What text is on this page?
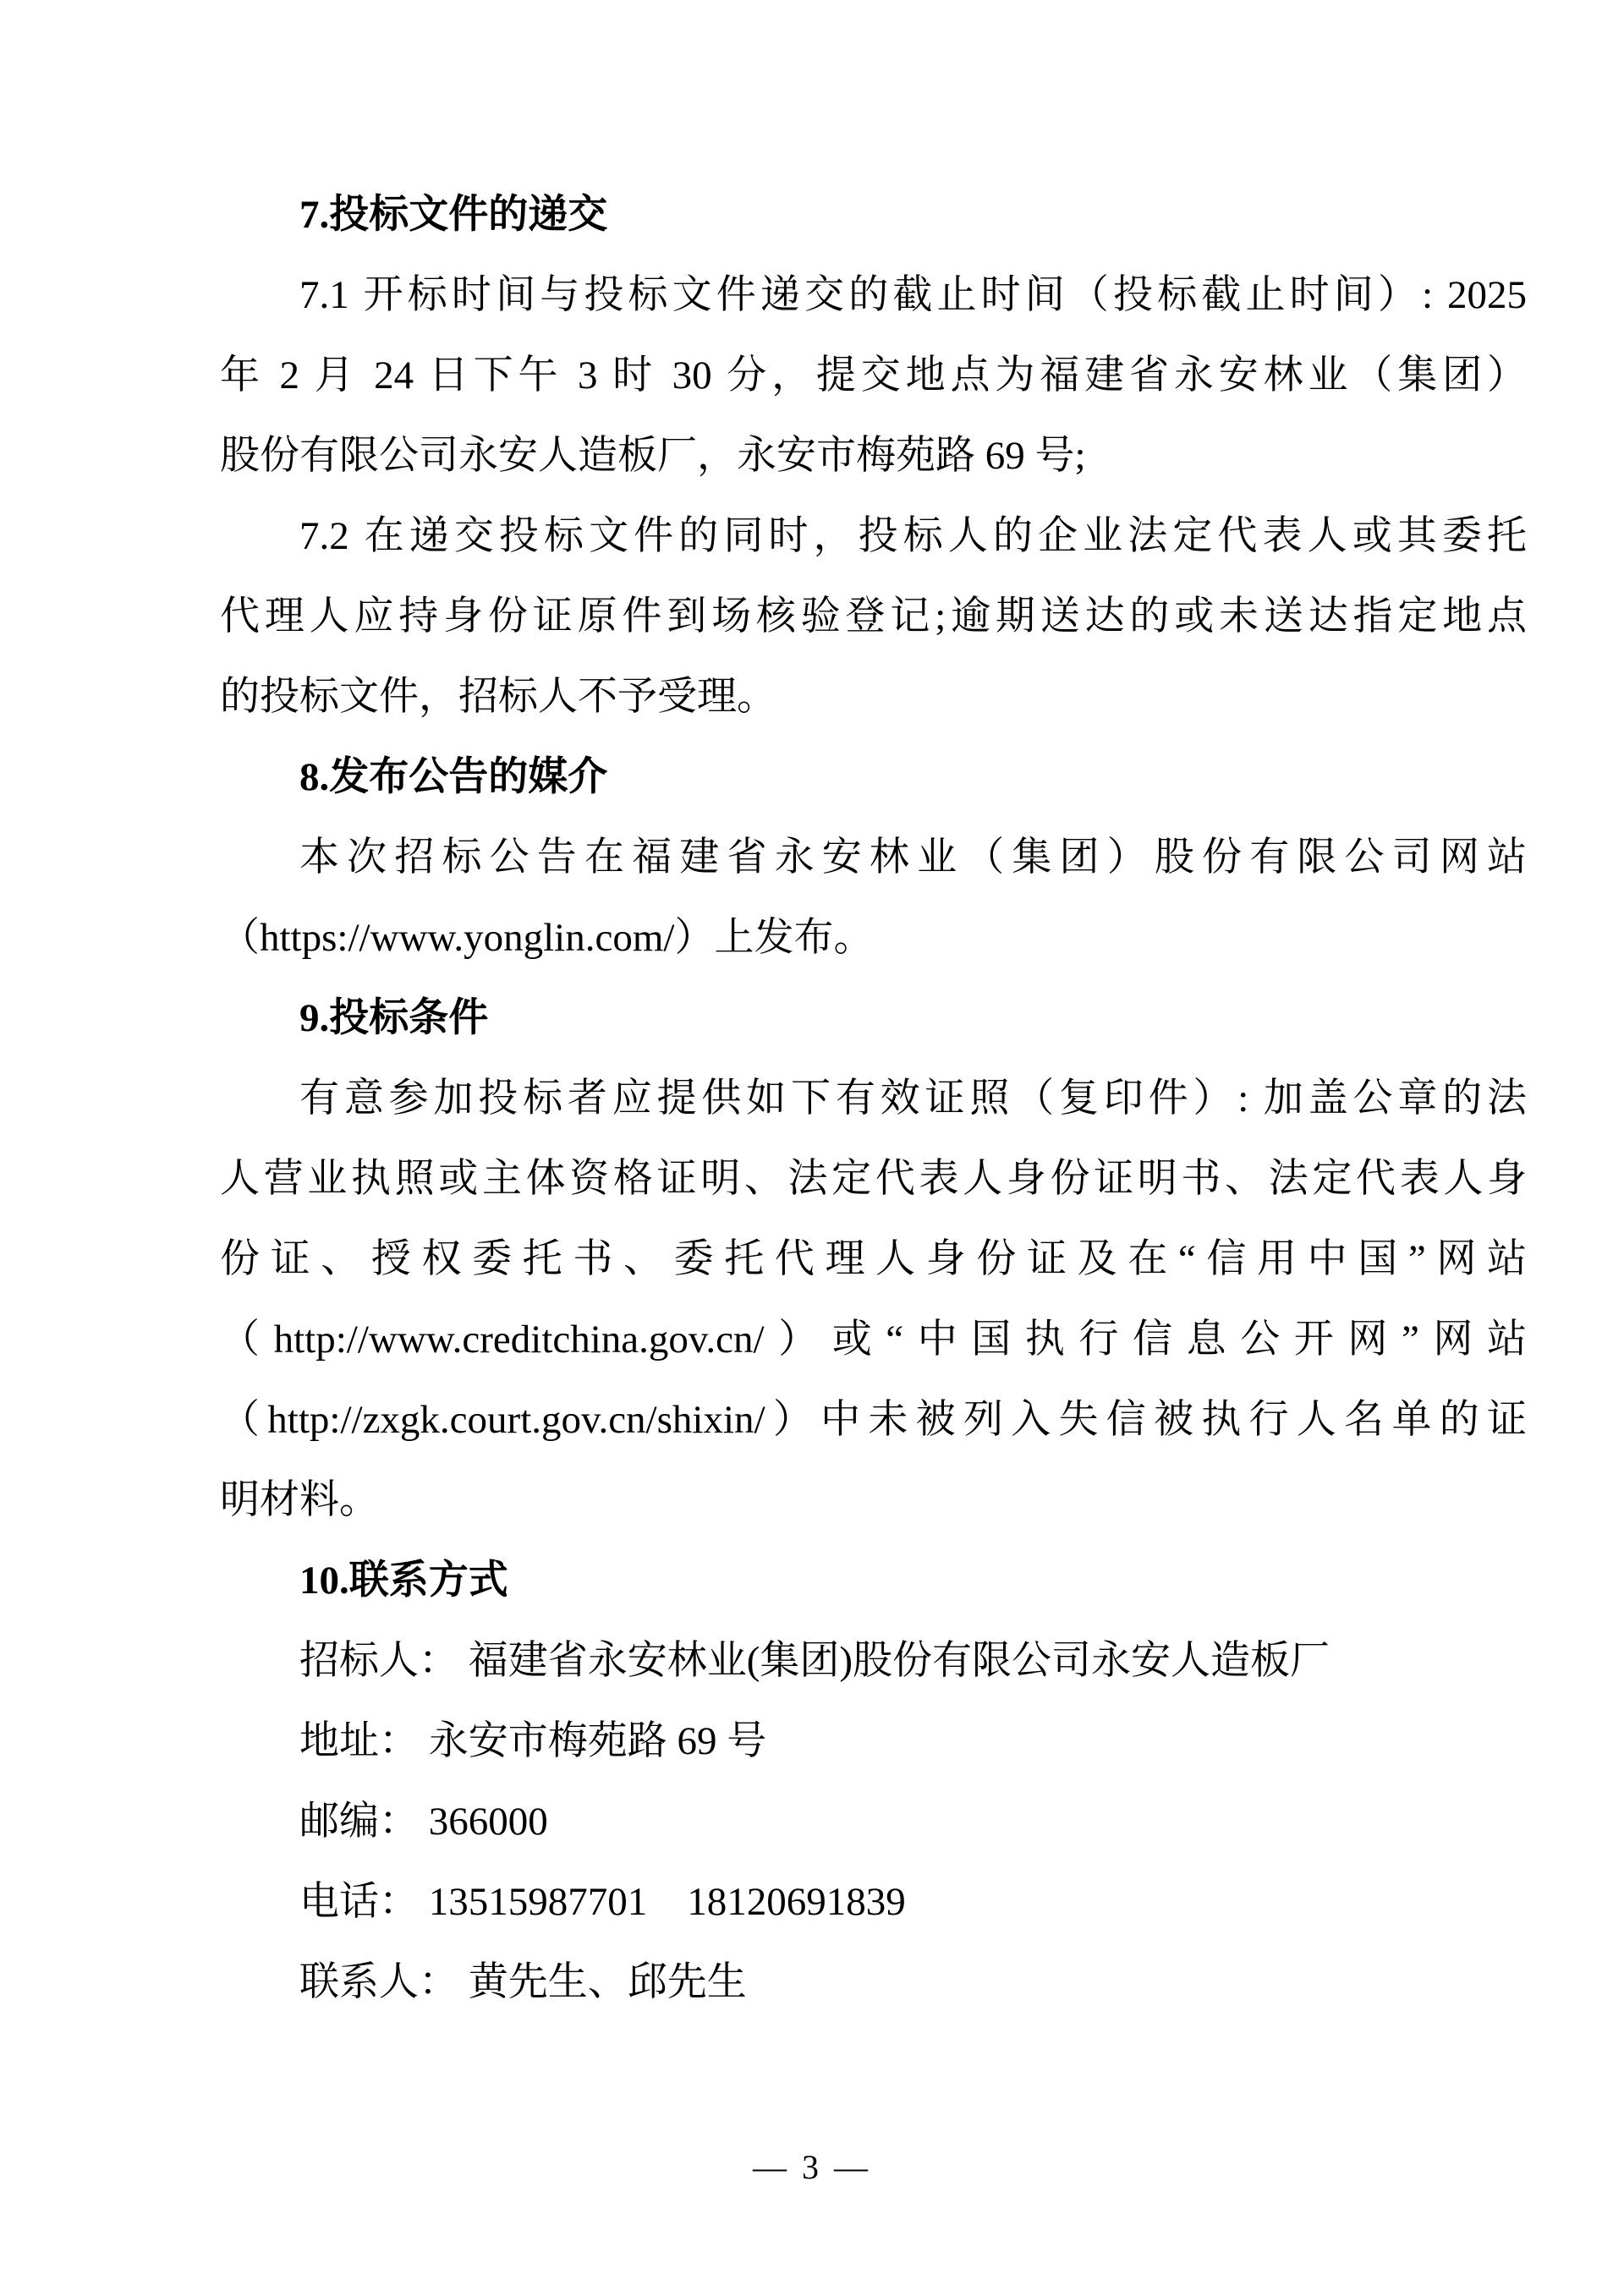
7.投标文件的递交
7.1 开标时间与投标文件递交的截止时间（投标截止时间）: 2025
年 2 月 24 日下午 3 时 30 分，提交地点为福建省永安林业（集团）
股份有限公司永安人造板厂，永安市梅苑路 69 号;
7.2 在递交投标文件的同时，投标人的企业法定代表人或其委托
代理人应持身份证原件到场核验登记;逾期送达的或未送达指定地点
的投标文件，招标人不予受理。
8.发布公告的媒介
本次招标公告在福建省永安林业（集团）股份有限公司网站
（https://www.yonglin.com/）上发布。
9.投标条件
有意参加投标者应提供如下有效证照（复印件）: 加盖公章的法
人营业执照或主体资格证明、法定代表人身份证明书、法定代表人身
份证、授权委托书、委托代理人身份证及在“信用中国”网站
（http://www.creditchina.gov.cn/）或“中国执行信息公开网”网站
（http://zxgk.court.gov.cn/shixin/）中未被列入失信被执行人名单的证
明材料。
10.联系方式
招标人： 福建省永安林业(集团)股份有限公司永安人造板厂
地址： 永安市梅苑路 69 号
邮编： 366000
电话： 13515987701    18120691839
联系人： 黄先生、邱先生
— 3 —
